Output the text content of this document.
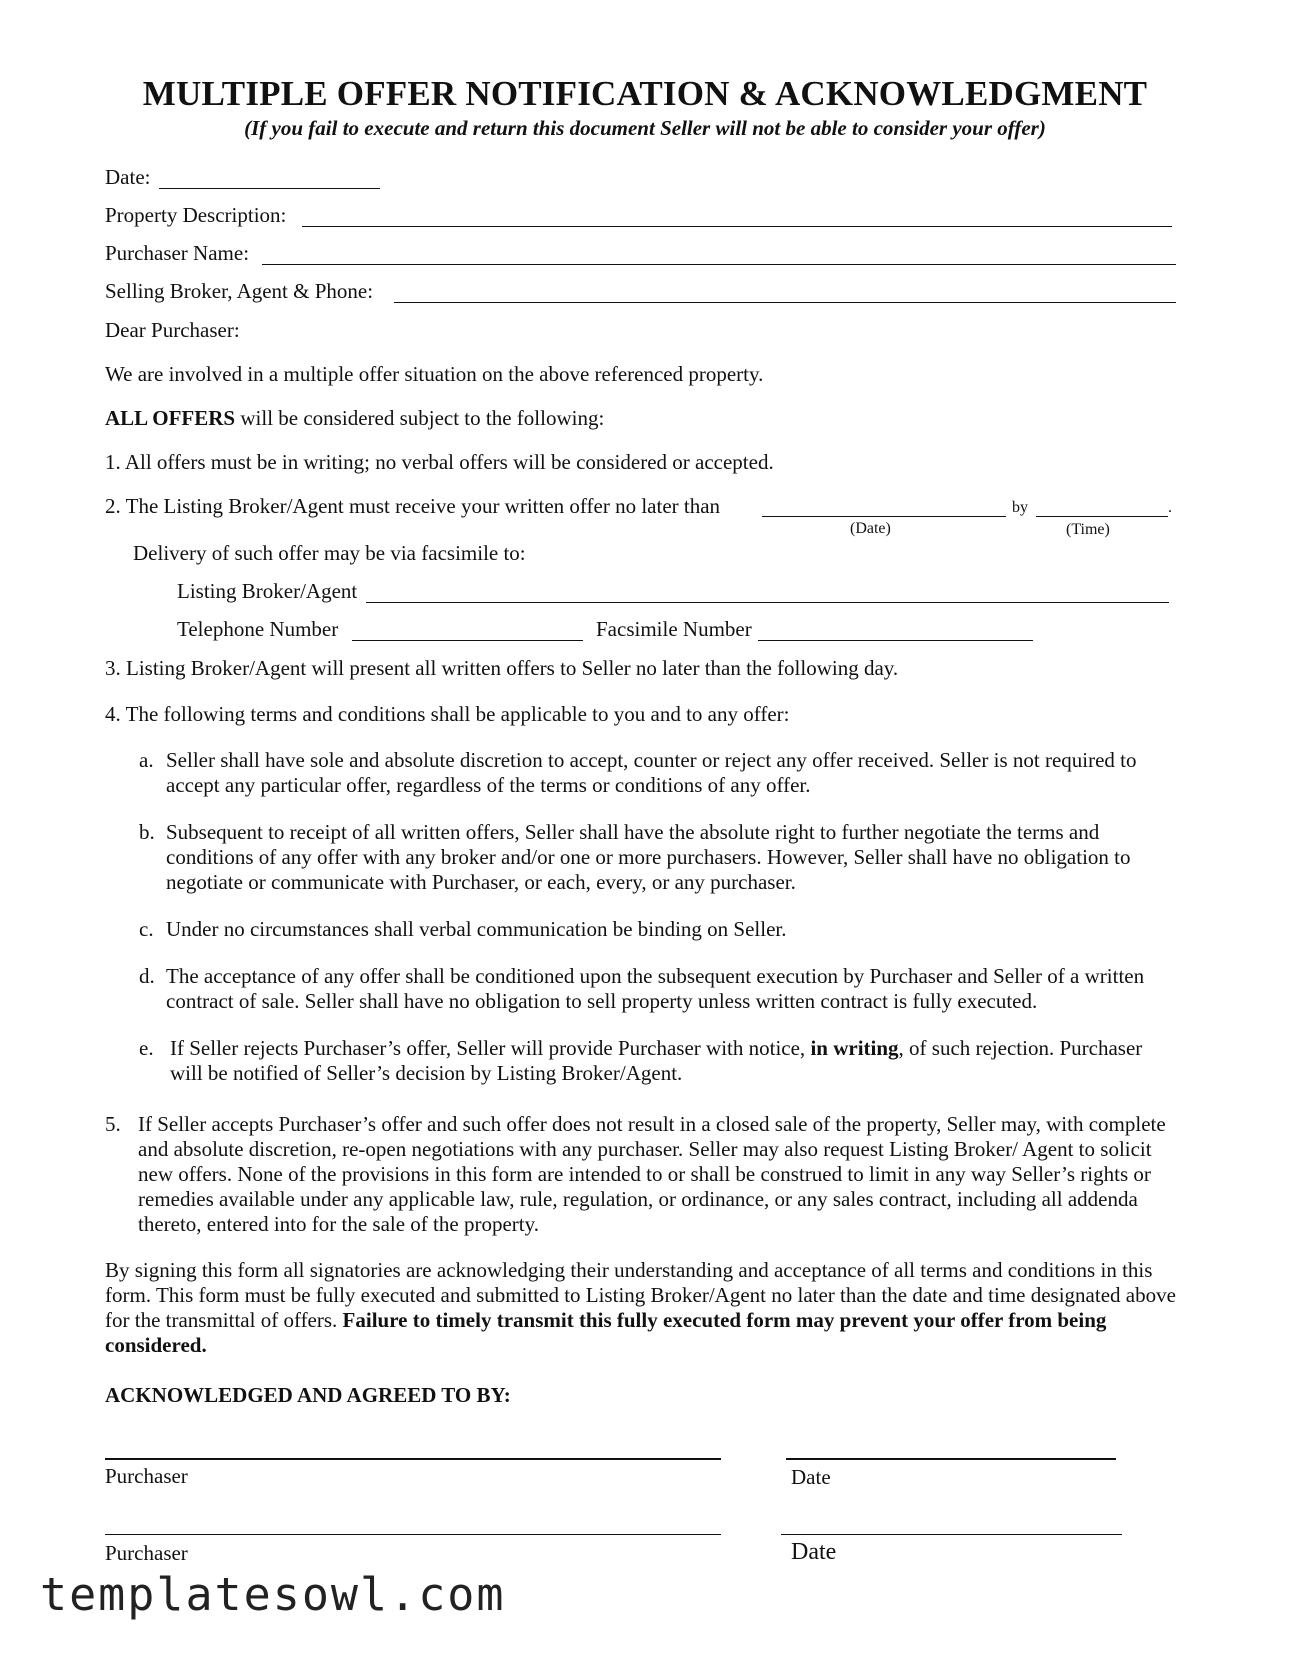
MULTIPLE OFFER NOTIFICATION & ACKNOWLEDGMENT
(If you fail to execute and return this document Seller will not be able to consider your offer)
Date:
Property Description:
Purchaser Name:
Selling Broker, Agent & Phone:
Dear Purchaser:
We are involved in a multiple offer situation on the above referenced property.
ALL OFFERS will be considered subject to the following:
1. All offers must be in writing; no verbal offers will be considered or accepted.
2. The Listing Broker/Agent must receive your written offer no later than	by	.
(Date)	(Time)
Delivery of such offer may be via facsimile to:
Listing Broker/Agent
Telephone Number	Facsimile Number
3. Listing Broker/Agent will present all written offers to Seller no later than the following day.
4. The following terms and conditions shall be applicable to you and to any offer:
a. Seller shall have sole and absolute discretion to accept, counter or reject any offer received. Seller is not required to accept any particular offer, regardless of the terms or conditions of any offer.
b. Subsequent to receipt of all written offers, Seller shall have the absolute right to further negotiate the terms and conditions of any offer with any broker and/or one or more purchasers. However, Seller shall have no obligation to negotiate or communicate with Purchaser, or each, every, or any purchaser.
c. Under no circumstances shall verbal communication be binding on Seller.
d. The acceptance of any offer shall be conditioned upon the subsequent execution by Purchaser and Seller of a written contract of sale. Seller shall have no obligation to sell property unless written contract is fully executed.
e. If Seller rejects Purchaser’s offer, Seller will provide Purchaser with notice, in writing, of such rejection. Purchaser will be notified of Seller’s decision by Listing Broker/Agent.
5. If Seller accepts Purchaser’s offer and such offer does not result in a closed sale of the property, Seller may, with complete and absolute discretion, re-open negotiations with any purchaser. Seller may also request Listing Broker/ Agent to solicit new offers. None of the provisions in this form are intended to or shall be construed to limit in any way Seller’s rights or remedies available under any applicable law, rule, regulation, or ordinance, or any sales contract, including all addenda thereto, entered into for the sale of the property.
By signing this form all signatories are acknowledging their understanding and acceptance of all terms and conditions in this form. This form must be fully executed and submitted to Listing Broker/Agent no later than the date and time designated above for the transmittal of offers. Failure to timely transmit this fully executed form may prevent your offer from being considered.
ACKNOWLEDGED AND AGREED TO BY:
Purchaser	Date
Purchaser	Date
templatesowl.com
